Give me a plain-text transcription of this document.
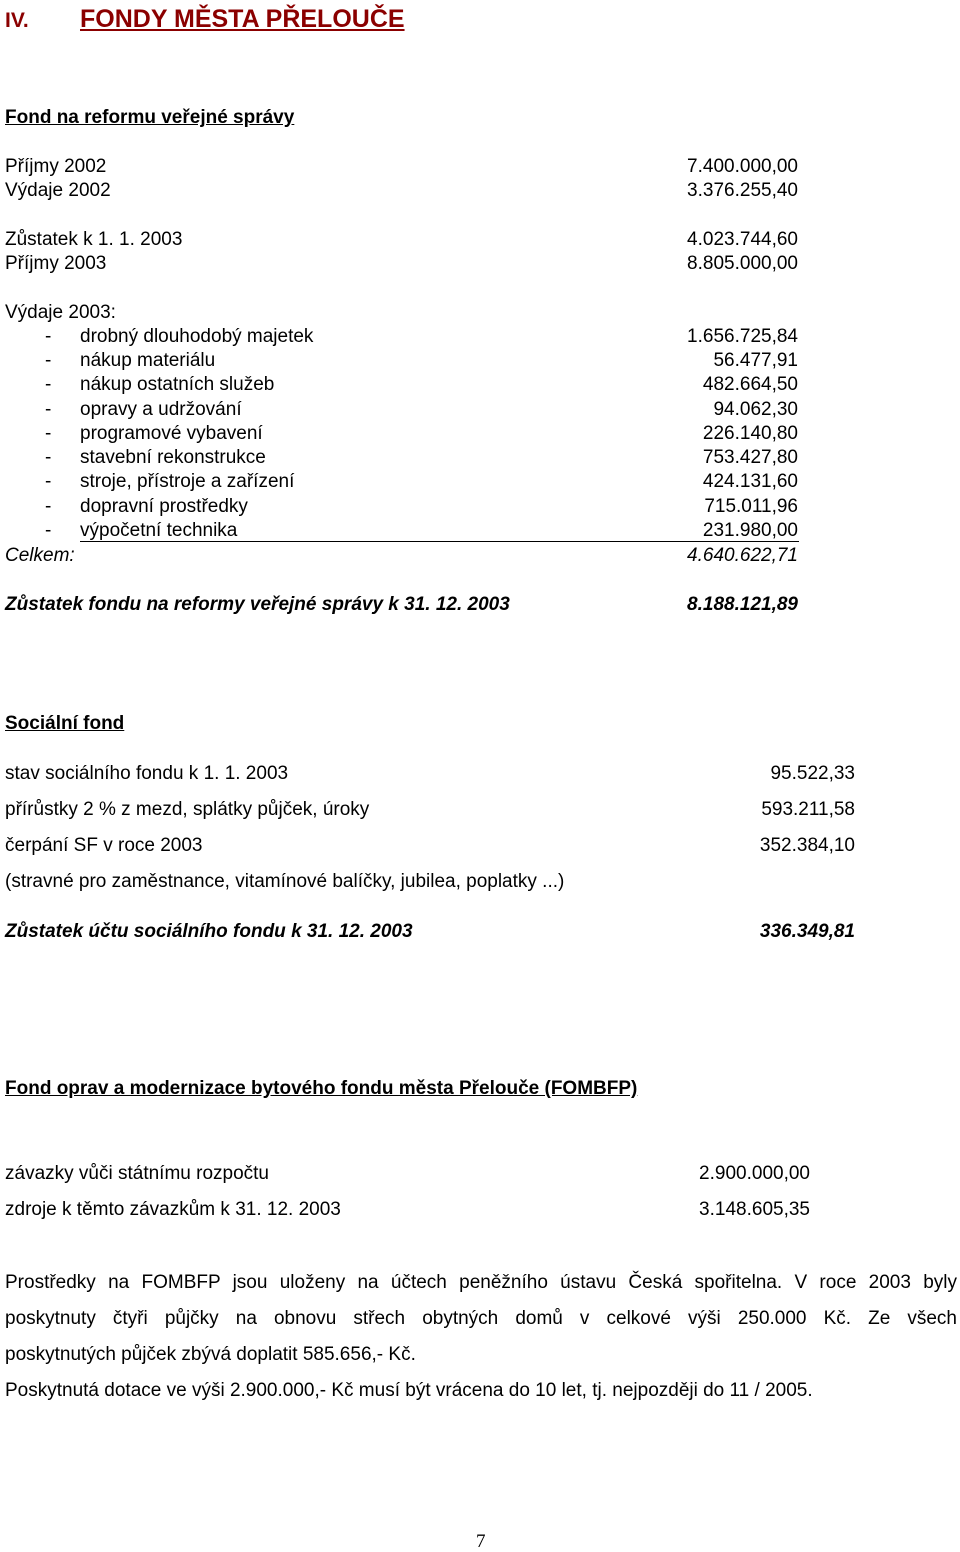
IV. FONDY MĚSTA PŘELOUČE
Fond na reformu veřejné správy
Příjmy 2002	7.400.000,00
Výdaje 2002	3.376.255,40
Zůstatek k 1. 1. 2003	4.023.744,60
Příjmy 2003	8.805.000,00
Výdaje 2003:
- drobný dlouhodobý majetek	1.656.725,84
- nákup materiálu	56.477,91
- nákup ostatních služeb	482.664,50
- opravy a udržování	94.062,30
- programové vybavení	226.140,80
- stavební rekonstrukce	753.427,80
- stroje, přístroje a zařízení	424.131,60
- dopravní prostředky	715.011,96
- výpočetní technika	231.980,00
Celkem:	4.640.622,71
Zůstatek fondu na reformy veřejné správy k 31. 12. 2003	8.188.121,89
Sociální fond
stav sociálního fondu k 1. 1. 2003	95.522,33
přírůstky 2 % z mezd, splátky půjček, úroky	593.211,58
čerpání SF v roce 2003	352.384,10
(stravné pro zaměstnance, vitamínové balíčky, jubilea, poplatky ...)
Zůstatek účtu sociálního fondu k 31. 12. 2003	336.349,81
Fond oprav a modernizace bytového fondu města Přelouče (FOMBFP)
závazky vůči státnímu rozpočtu	2.900.000,00
zdroje k těmto závazkům k 31. 12. 2003	3.148.605,35
Prostředky na FOMBFP jsou uloženy na účtech peněžního ústavu Česká spořitelna. V roce 2003 byly
poskytnuty čtyři půjčky na obnovu střech obytných domů v celkové výši 250.000 Kč. Ze všech
poskytnutých půjček zbývá doplatit 585.656,- Kč.
Poskytnutá dotace ve výši 2.900.000,- Kč musí být vrácena do 10 let, tj. nejpozději do 11 / 2005.
7
